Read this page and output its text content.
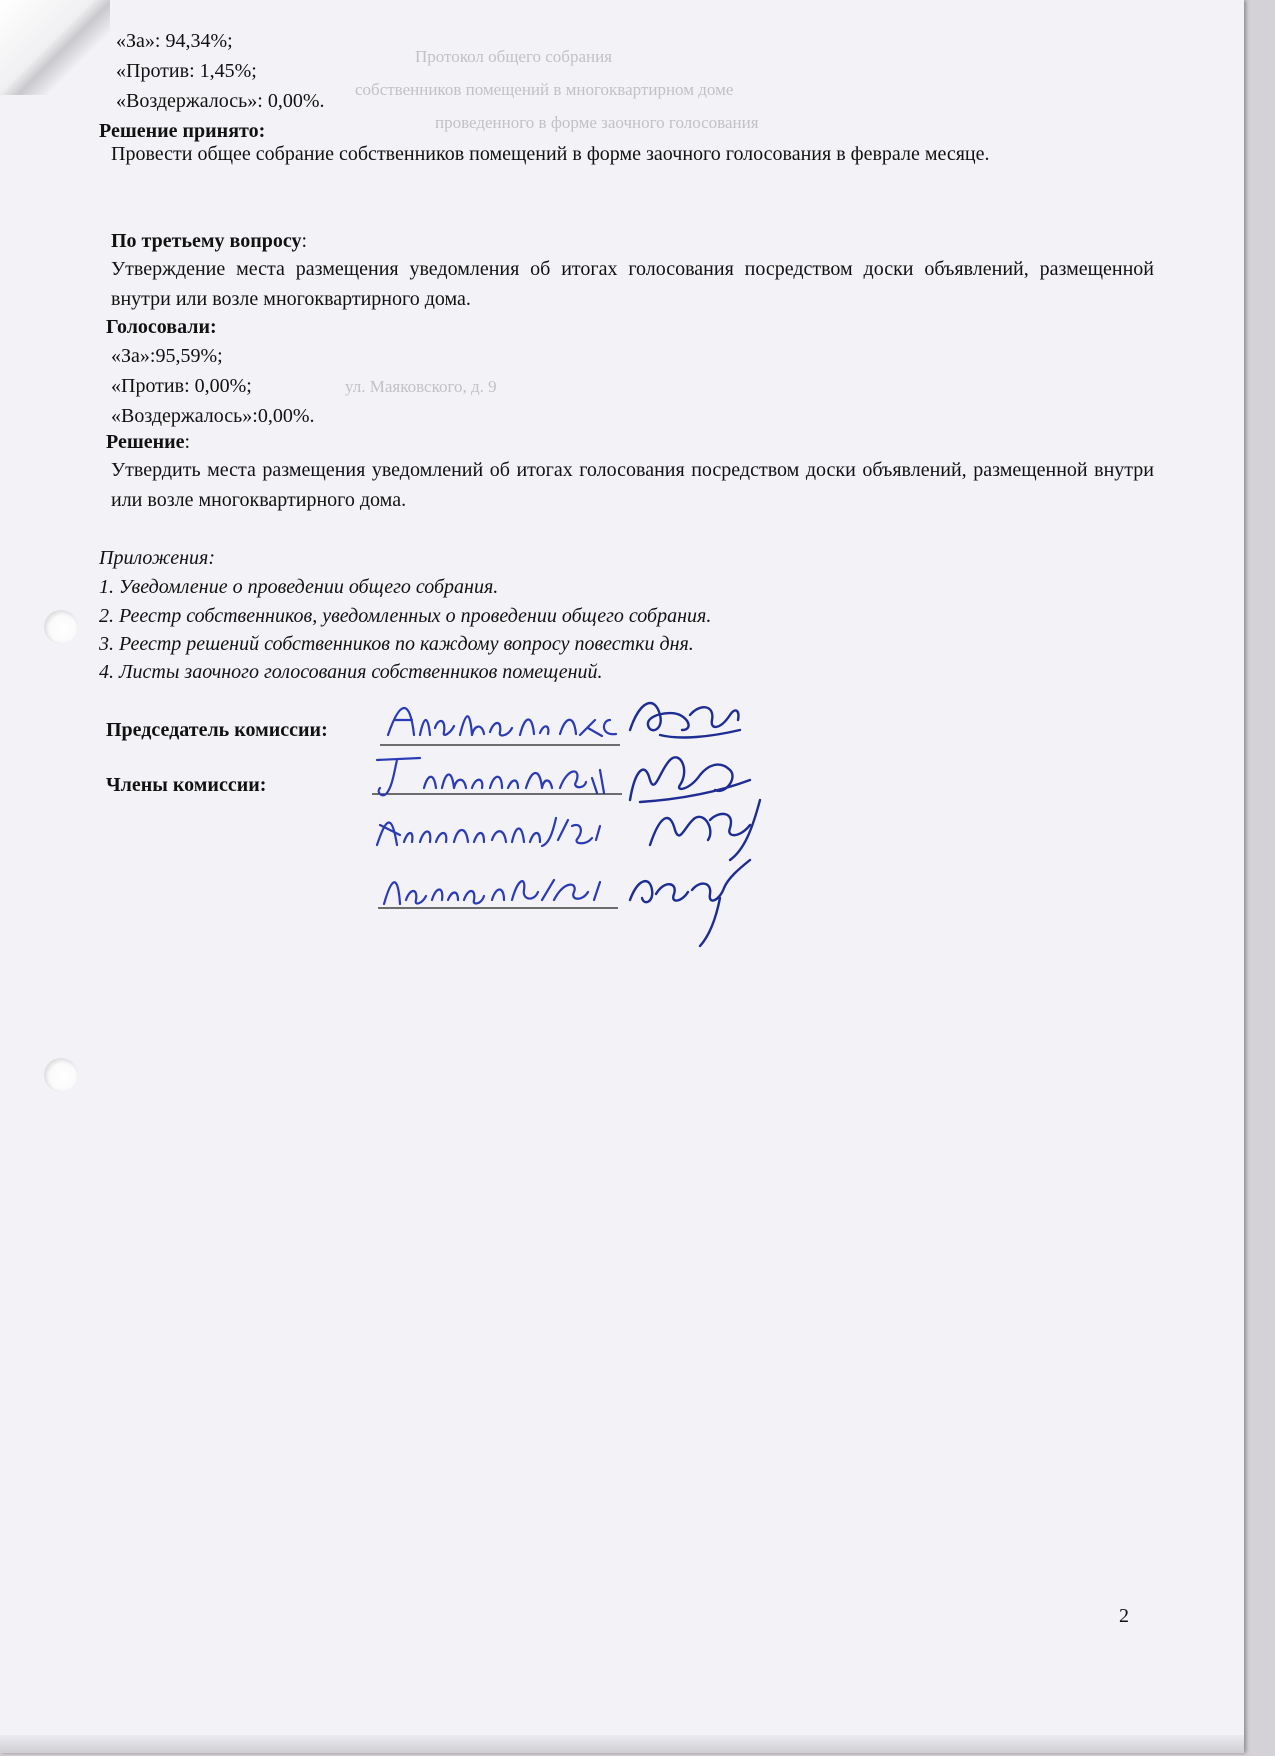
Протокол общего собрания
собственников помещений в многоквартирном доме
проведенного в форме заочного голосования
ул. Маяковского, д. 9
«За»: 94,34%;
«Против: 1,45%;
«Воздержалось»: 0,00%.
Решение принято:
Провести общее собрание собственников помещений в форме заочного голосования в феврале месяце.
По третьему вопросу:
Утверждение места размещения уведомления об итогах голосования посредством доски объявлений, размещенной внутри или возле многоквартирного дома.
Голосовали:
«За»:95,59%;
«Против: 0,00%;
«Воздержалось»:0,00%.
Решение:
Утвердить места размещения уведомлений об итогах голосования посредством доски объявлений, размещенной внутри или возле многоквартирного дома.
Приложения:
1. Уведомление о проведении общего собрания.
2. Реестр собственников, уведомленных о проведении общего собрания.
3. Реестр решений собственников по каждому вопросу повестки дня.
4. Листы заочного голосования собственников помещений.
Председатель комиссии:
Члены комиссии:
2
